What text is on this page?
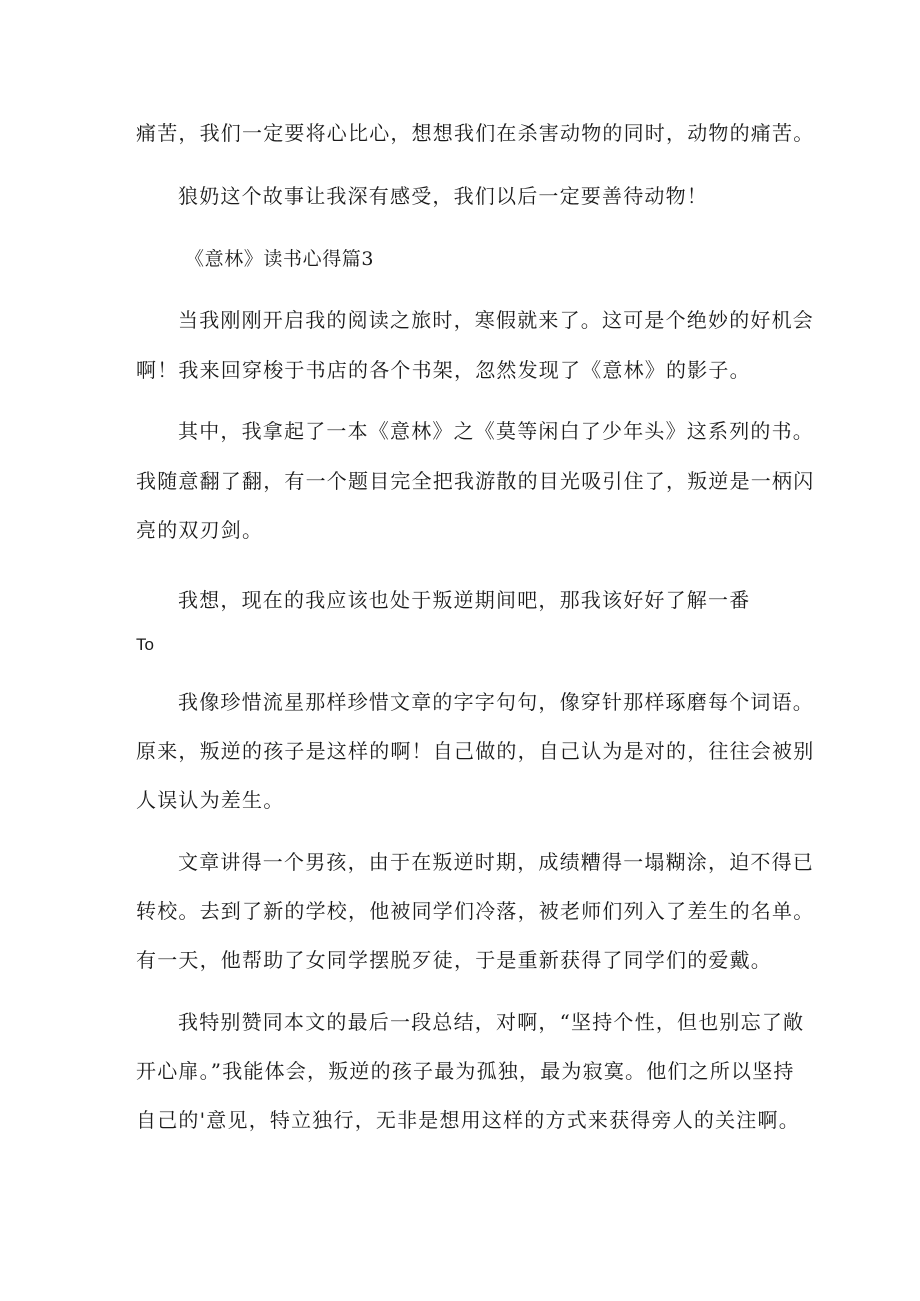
痛苦，我们一定要将心比心，想想我们在杀害动物的同时，动物的痛苦。
狼奶这个故事让我深有感受，我们以后一定要善待动物！
《意林》读书心得篇3
当我刚刚开启我的阅读之旅时，寒假就来了。这可是个绝妙的好机会
啊！我来回穿梭于书店的各个书架，忽然发现了《意林》的影子。
其中，我拿起了一本《意林》之《莫等闲白了少年头》这系列的书。
我随意翻了翻，有一个题目完全把我游散的目光吸引住了，叛逆是一柄闪
亮的双刃剑。
我想，现在的我应该也处于叛逆期间吧，那我该好好了解一番
To
我像珍惜流星那样珍惜文章的字字句句，像穿针那样琢磨每个词语。
原来，叛逆的孩子是这样的啊！自己做的，自己认为是对的，往往会被别
人误认为差生。
文章讲得一个男孩，由于在叛逆时期，成绩糟得一塌糊涂，迫不得已
转校。去到了新的学校，他被同学们冷落，被老师们列入了差生的名单。
有一天，他帮助了女同学摆脱歹徒，于是重新获得了同学们的爱戴。
我特别赞同本文的最后一段总结，对啊，“坚持个性，但也别忘了敞
开心扉。”我能体会，叛逆的孩子最为孤独，最为寂寞。他们之所以坚持
自己的'意见，特立独行，无非是想用这样的方式来获得旁人的关注啊。
